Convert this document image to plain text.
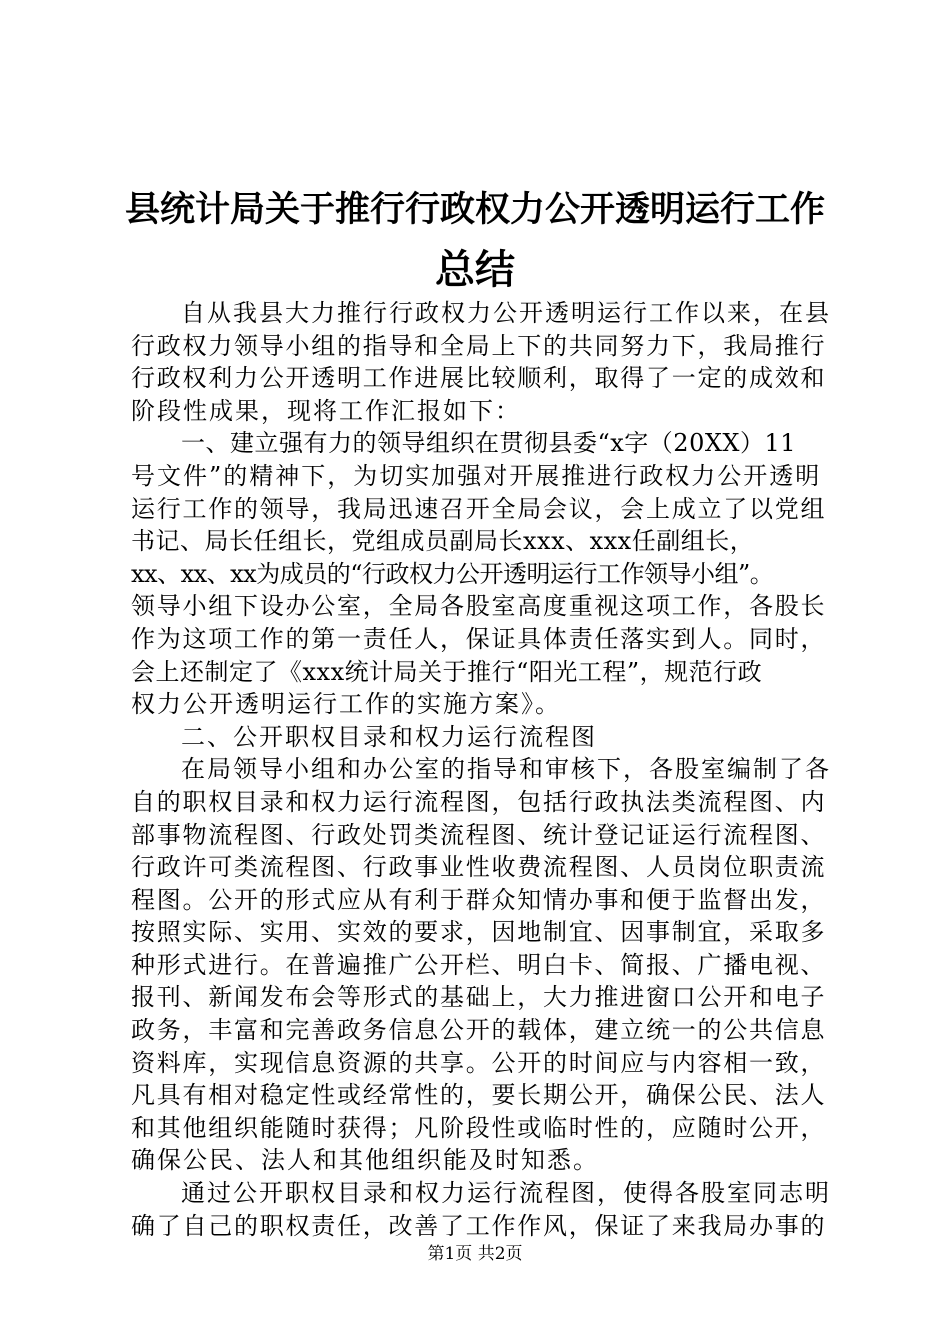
县统计局关于推行行政权力公开透明运行工作
总结
自从我县大力推行行政权力公开透明运行工作以来，在县
行政权力领导小组的指导和全局上下的共同努力下，我局推行
行政权利力公开透明工作进展比较顺利，取得了一定的成效和
阶段性成果，现将工作汇报如下：
一、建立强有力的领导组织在贯彻县委“x字（20XX）11
号文件”的精神下，为切实加强对开展推进行政权力公开透明
运行工作的领导，我局迅速召开全局会议，会上成立了以党组
书记、局长任组长，党组成员副局长xxx、xxx任副组长，
xx、xx、xx为成员的“行政权力公开透明运行工作领导小组”。
领导小组下设办公室，全局各股室高度重视这项工作，各股长
作为这项工作的第一责任人，保证具体责任落实到人。同时，
会上还制定了《xxx统计局关于推行“阳光工程”，规范行政
权力公开透明运行工作的实施方案》。
二、公开职权目录和权力运行流程图
在局领导小组和办公室的指导和审核下，各股室编制了各
自的职权目录和权力运行流程图，包括行政执法类流程图、内
部事物流程图、行政处罚类流程图、统计登记证运行流程图、
行政许可类流程图、行政事业性收费流程图、人员岗位职责流
程图。公开的形式应从有利于群众知情办事和便于监督出发，
按照实际、实用、实效的要求，因地制宜、因事制宜，采取多
种形式进行。在普遍推广公开栏、明白卡、简报、广播电视、
报刊、新闻发布会等形式的基础上，大力推进窗口公开和电子
政务，丰富和完善政务信息公开的载体，建立统一的公共信息
资料库，实现信息资源的共享。公开的时间应与内容相一致，
凡具有相对稳定性或经常性的，要长期公开，确保公民、法人
和其他组织能随时获得；凡阶段性或临时性的，应随时公开，
确保公民、法人和其他组织能及时知悉。
通过公开职权目录和权力运行流程图，使得各股室同志明
确了自己的职权责任，改善了工作作风，保证了来我局办事的
第1页 共2页
